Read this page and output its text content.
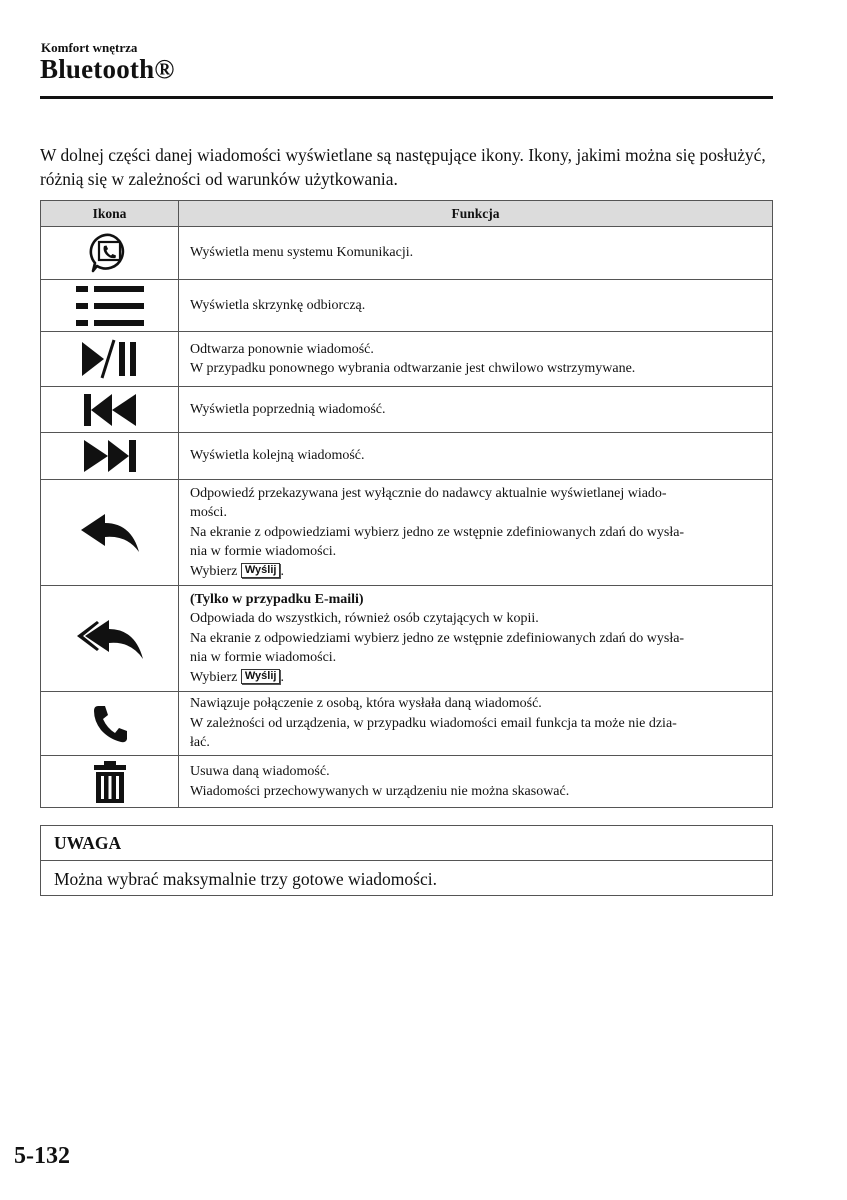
Komfort wnętrza
Bluetooth®

W dolnej części danej wiadomości wyświetlane są następujące ikony. Ikony, jakimi można się posłużyć, różnią się w zależności od warunków użytkowania.

Ikona	Funkcja

Wyświetla menu systemu Komunikacji.

Wyświetla skrzynkę odbiorczą.

Odtwarza ponownie wiadomość.
W przypadku ponownego wybrania odtwarzanie jest chwilowo wstrzymywane.

Wyświetla poprzednią wiadomość.

Wyświetla kolejną wiadomość.

Odpowiedź przekazywana jest wyłącznie do nadawcy aktualnie wyświetlanej wiado-
mości.
Na ekranie z odpowiedziami wybierz jedno ze wstępnie zdefiniowanych zdań do wysła-
nia w formie wiadomości.
Wybierz Wyślij .

(Tylko w przypadku E-maili)
Odpowiada do wszystkich, również osób czytających w kopii.
Na ekranie z odpowiedziami wybierz jedno ze wstępnie zdefiniowanych zdań do wysła-
nia w formie wiadomości.
Wybierz Wyślij .

Nawiązuje połączenie z osobą, która wysłała daną wiadomość.
W zależności od urządzenia, w przypadku wiadomości email funkcja ta może nie dzia-
łać.

Usuwa daną wiadomość.
Wiadomości przechowywanych w urządzeniu nie można skasować.
UWAGA
Można wybrać maksymalnie trzy gotowe wiadomości.
5-132
